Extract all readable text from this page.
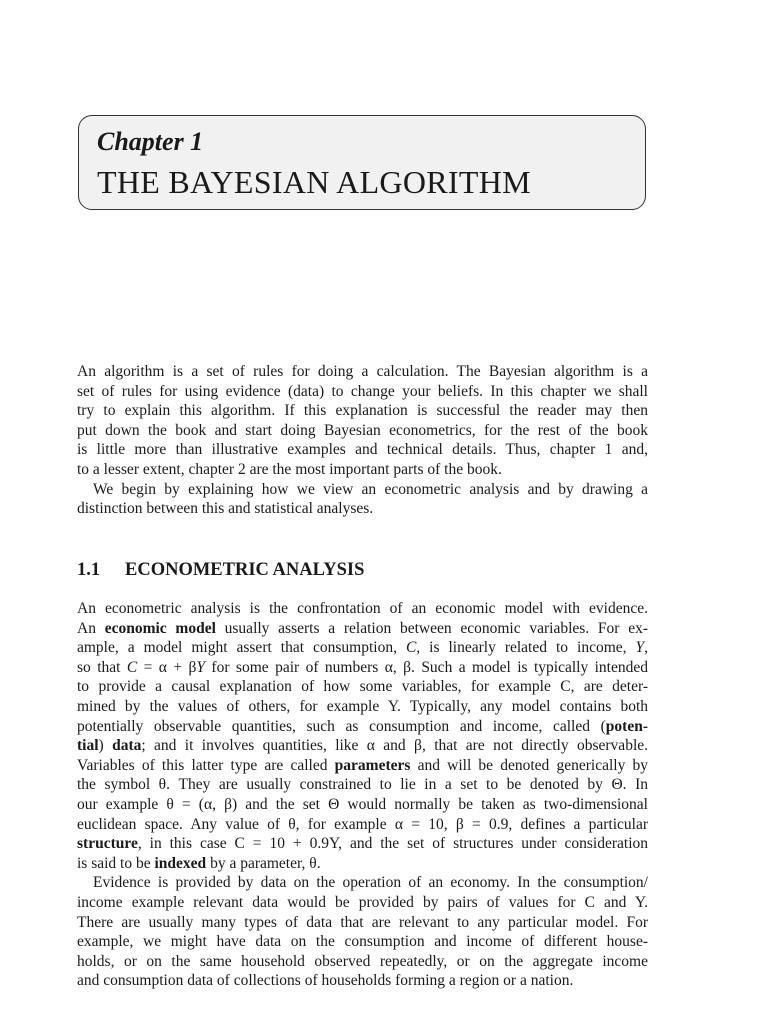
Chapter 1
THE BAYESIAN ALGORITHM
An algorithm is a set of rules for doing a calculation. The Bayesian algorithm is a
set of rules for using evidence (data) to change your beliefs. In this chapter we shall
try to explain this algorithm. If this explanation is successful the reader may then
put down the book and start doing Bayesian econometrics, for the rest of the book
is little more than illustrative examples and technical details. Thus, chapter 1 and,
to a lesser extent, chapter 2 are the most important parts of the book.
We begin by explaining how we view an econometric analysis and by drawing a
distinction between this and statistical analyses.
1.1 ECONOMETRIC ANALYSIS
An econometric analysis is the confrontation of an economic model with evidence.
An economic model usually asserts a relation between economic variables. For ex-
ample, a model might assert that consumption, C, is linearly related to income, Y,
so that C = α + βY for some pair of numbers α, β. Such a model is typically intended
to provide a causal explanation of how some variables, for example C, are deter-
mined by the values of others, for example Y. Typically, any model contains both
potentially observable quantities, such as consumption and income, called (poten-
tial) data; and it involves quantities, like α and β, that are not directly observable.
Variables of this latter type are called parameters and will be denoted generically by
the symbol θ. They are usually constrained to lie in a set to be denoted by Θ. In
our example θ = (α, β) and the set Θ would normally be taken as two-dimensional
euclidean space. Any value of θ, for example α = 10, β = 0.9, defines a particular
structure, in this case C = 10 + 0.9Y, and the set of structures under consideration
is said to be indexed by a parameter, θ.
Evidence is provided by data on the operation of an economy. In the consumption/
income example relevant data would be provided by pairs of values for C and Y.
There are usually many types of data that are relevant to any particular model. For
example, we might have data on the consumption and income of different house-
holds, or on the same household observed repeatedly, or on the aggregate income
and consumption data of collections of households forming a region or a nation.
